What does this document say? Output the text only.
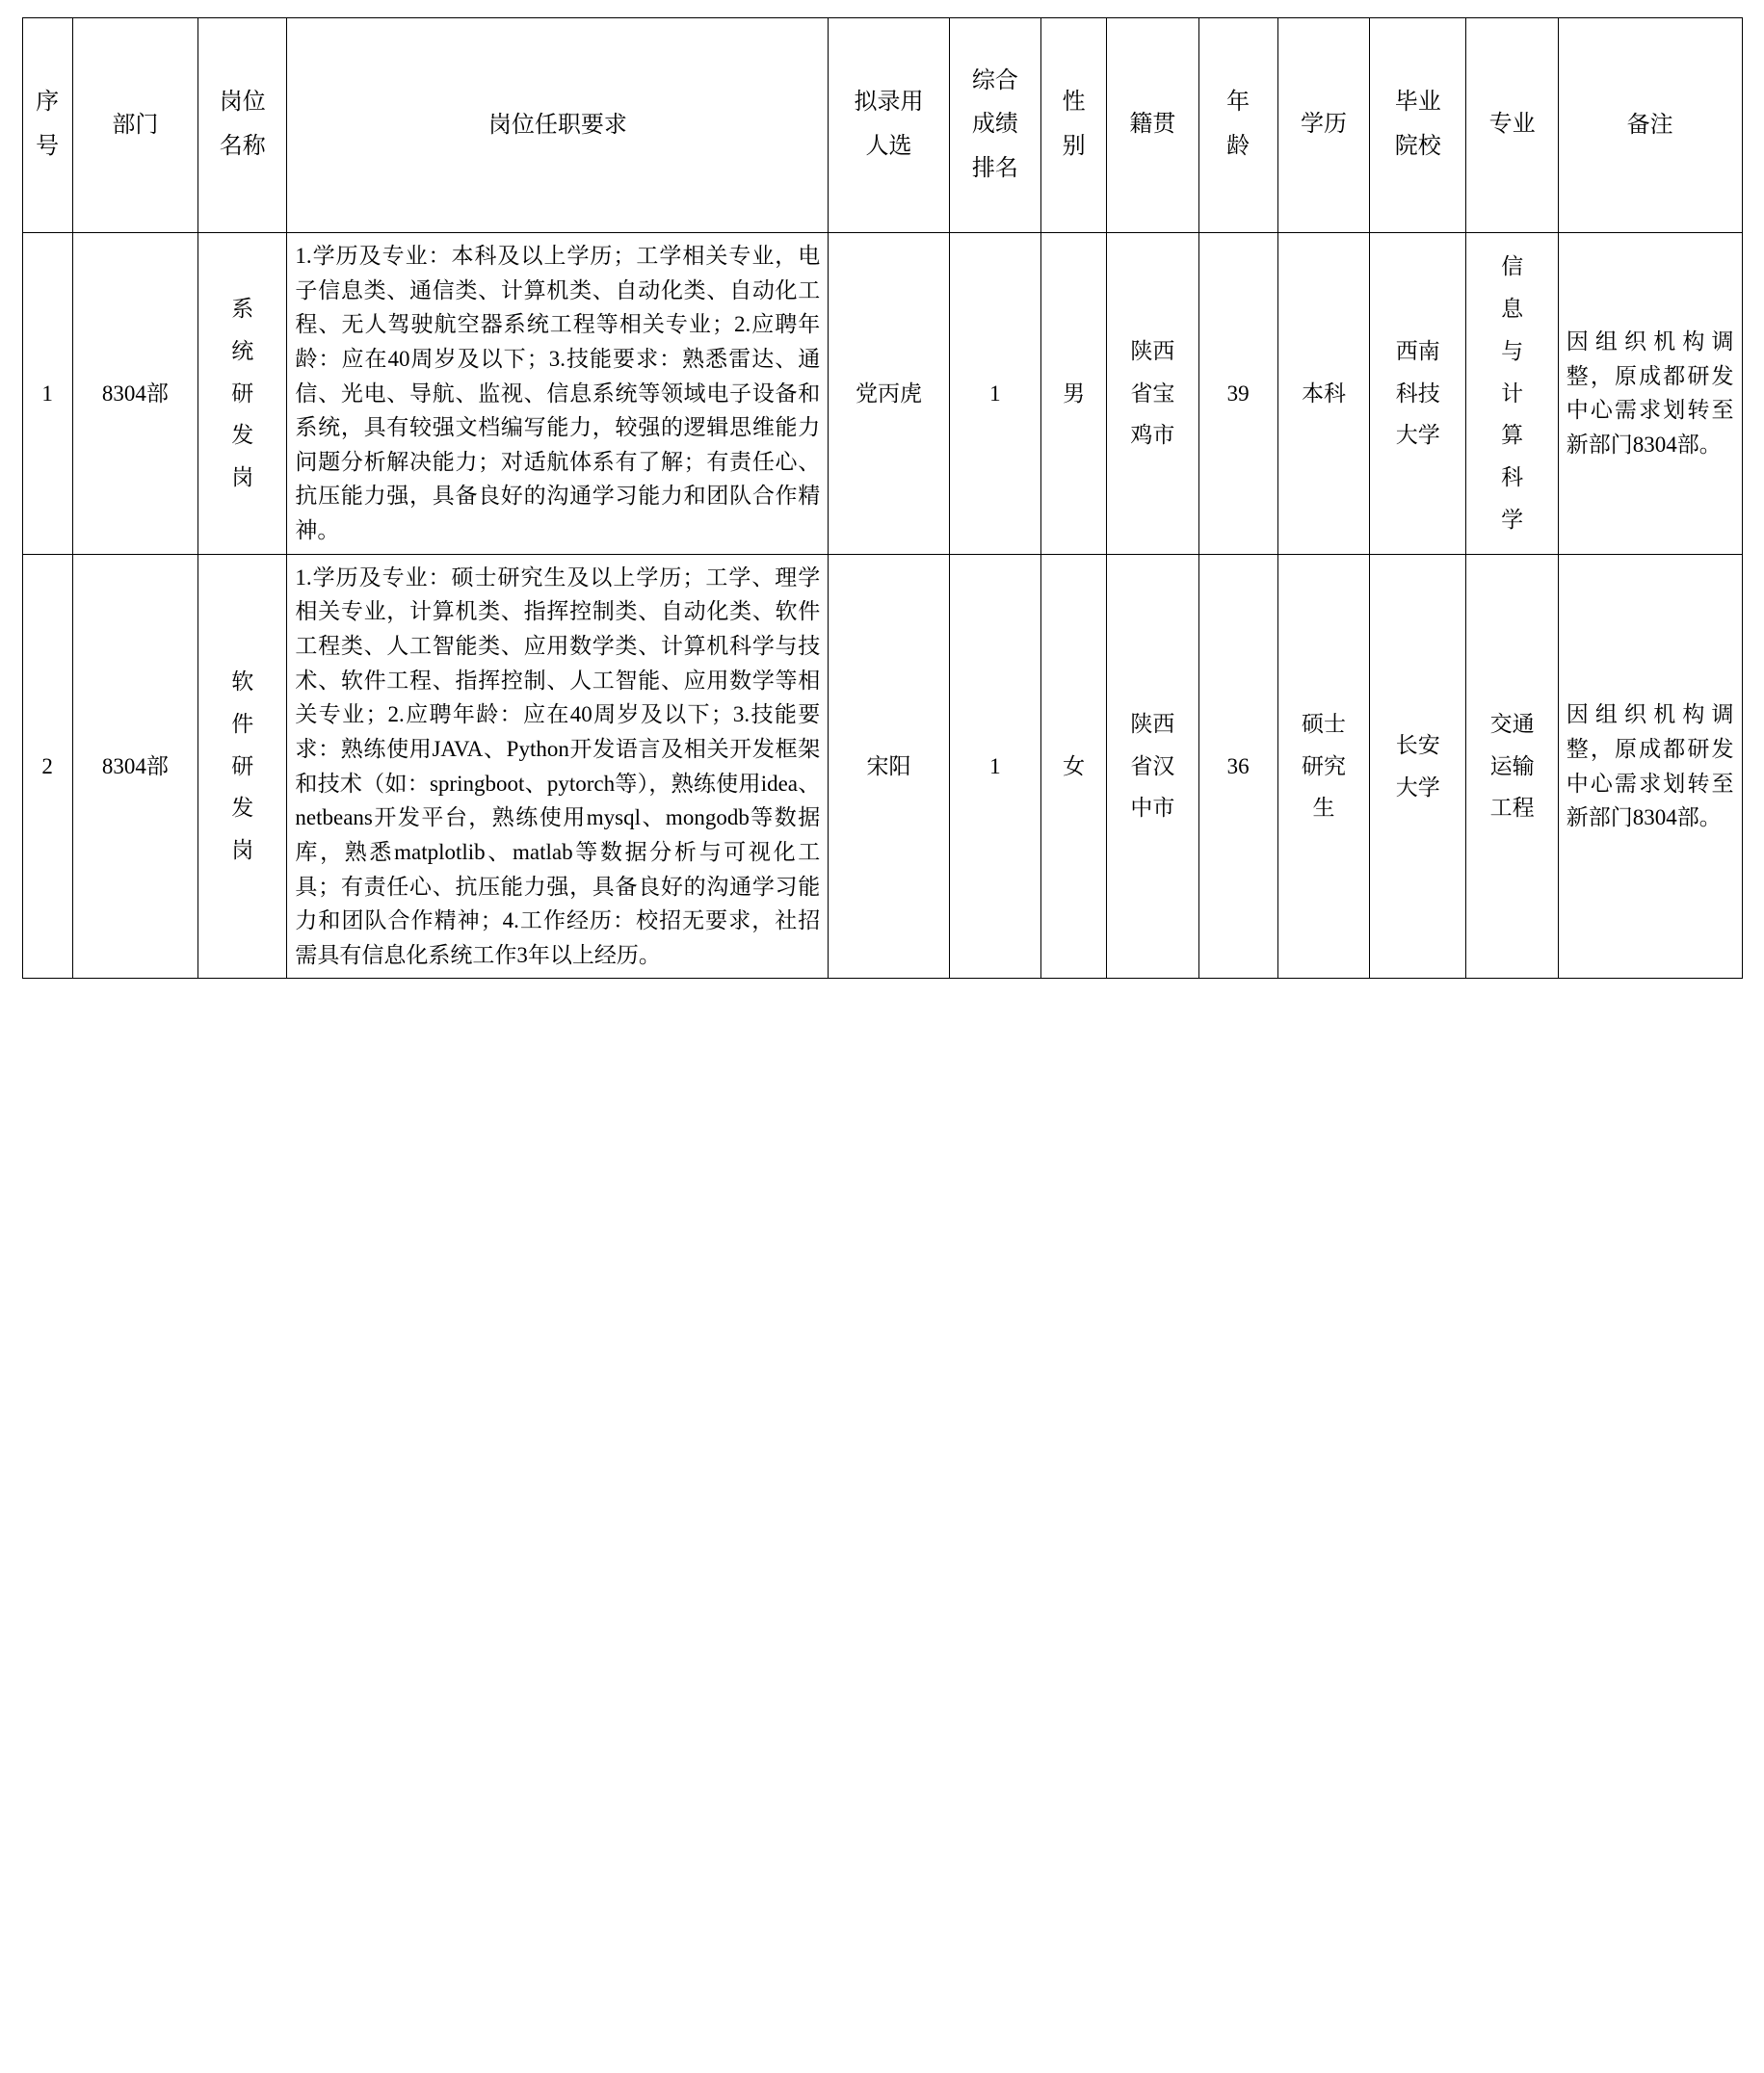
序号	部门	岗位名称	岗位任职要求	拟录用人选	综合成绩排名	性别	籍贯	年龄	学历	毕业院校	专业	备注
1	8304部	系统研发岗	1.学历及专业：本科及以上学历；工学相关专业，电子信息类、通信类、计算机类、自动化类、自动化工程、无人驾驶航空器系统工程等相关专业；2.应聘年龄：应在40周岁及以下；3.技能要求：熟悉雷达、通信、光电、导航、监视、信息系统等领域电子设备和系统，具有较强文档编写能力，较强的逻辑思维能力问题分析解决能力；对适航体系有了解；有责任心、抗压能力强，具备良好的沟通学习能力和团队合作精神。	党丙虎	1	男	陕西省宝鸡市	39	本科	西南科技大学	信息与计算科学	因组织机构调整，原成都研发中心需求划转至新部门8304部。
2	8304部	软件研发岗	1.学历及专业：硕士研究生及以上学历；工学、理学相关专业，计算机类、指挥控制类、自动化类、软件工程类、人工智能类、应用数学类、计算机科学与技术、软件工程、指挥控制、人工智能、应用数学等相关专业；2.应聘年龄：应在40周岁及以下；3.技能要求：熟练使用JAVA、Python开发语言及相关开发框架和技术（如：springboot、pytorch等），熟练使用idea、netbeans开发平台，熟练使用mysql、mongodb等数据库，熟悉matplotlib、matlab等数据分析与可视化工具；有责任心、抗压能力强，具备良好的沟通学习能力和团队合作精神；4.工作经历：校招无要求，社招需具有信息化系统工作3年以上经历。	宋阳	1	女	陕西省汉中市	36	硕士研究生	长安大学	交通运输工程	因组织机构调整，原成都研发中心需求划转至新部门8304部。
